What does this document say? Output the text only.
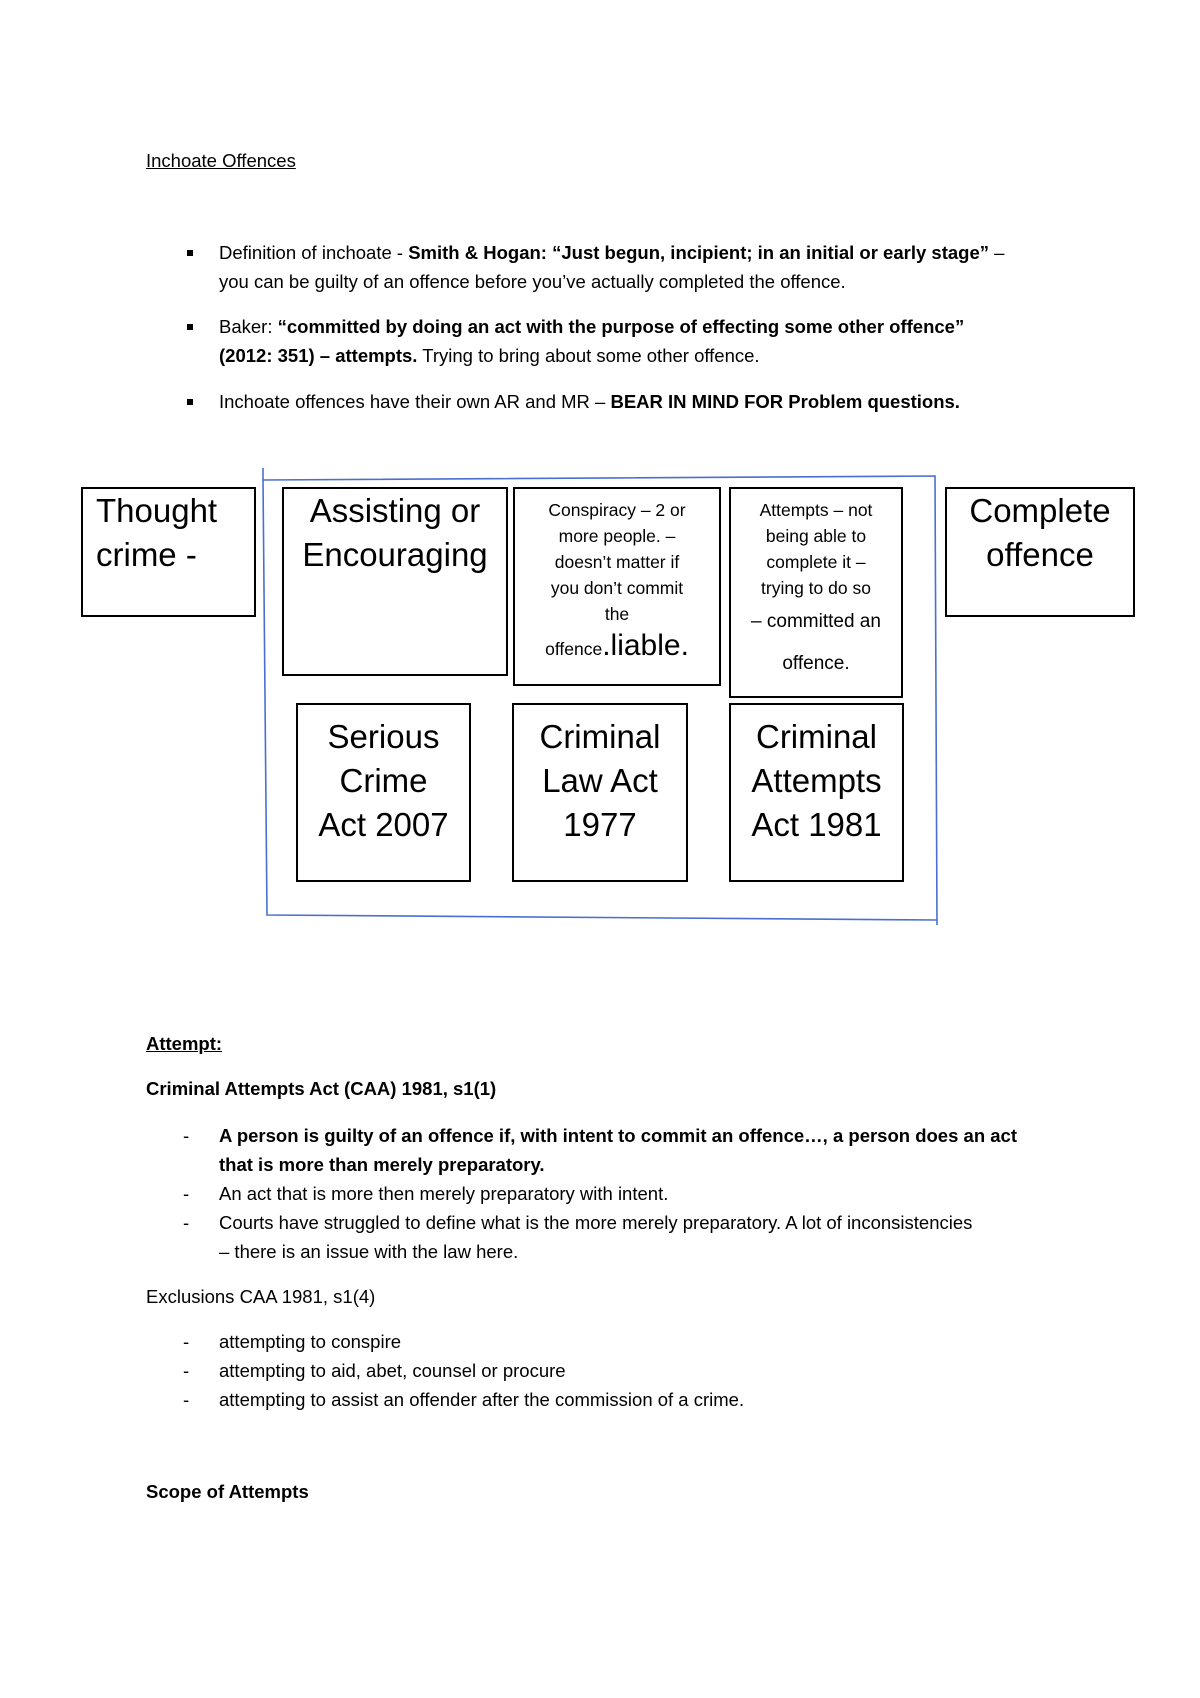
Inchoate Offences
Definition of inchoate - Smith & Hogan: “Just begun, incipient; in an initial or early stage” –
you can be guilty of an offence before you’ve actually completed the offence.
Baker: “committed by doing an act with the purpose of effecting some other offence”
(2012: 351) – attempts. Trying to bring about some other offence.
Inchoate offences have their own AR and MR – BEAR IN MIND FOR Problem questions.
Thought crime -
Assisting or Encouraging
Conspiracy – 2 or
more people. –
doesn’t matter if
you don’t commit
the
offence.liable.
Attempts – not
being able to
complete it –
trying to do so
– committed an
offence.
Complete offence
Serious
Crime
Act 2007
Criminal
Law Act
1977
Criminal
Attempts
Act 1981
Attempt:
Criminal Attempts Act (CAA) 1981, s1(1)
- A person is guilty of an offence if, with intent to commit an offence…, a person does an act
that is more than merely preparatory.
- An act that is more then merely preparatory with intent.
- Courts have struggled to define what is the more merely preparatory. A lot of inconsistencies
– there is an issue with the law here.
Exclusions CAA 1981, s1(4)
- attempting to conspire
- attempting to aid, abet, counsel or procure
- attempting to assist an offender after the commission of a crime.
Scope of Attempts
